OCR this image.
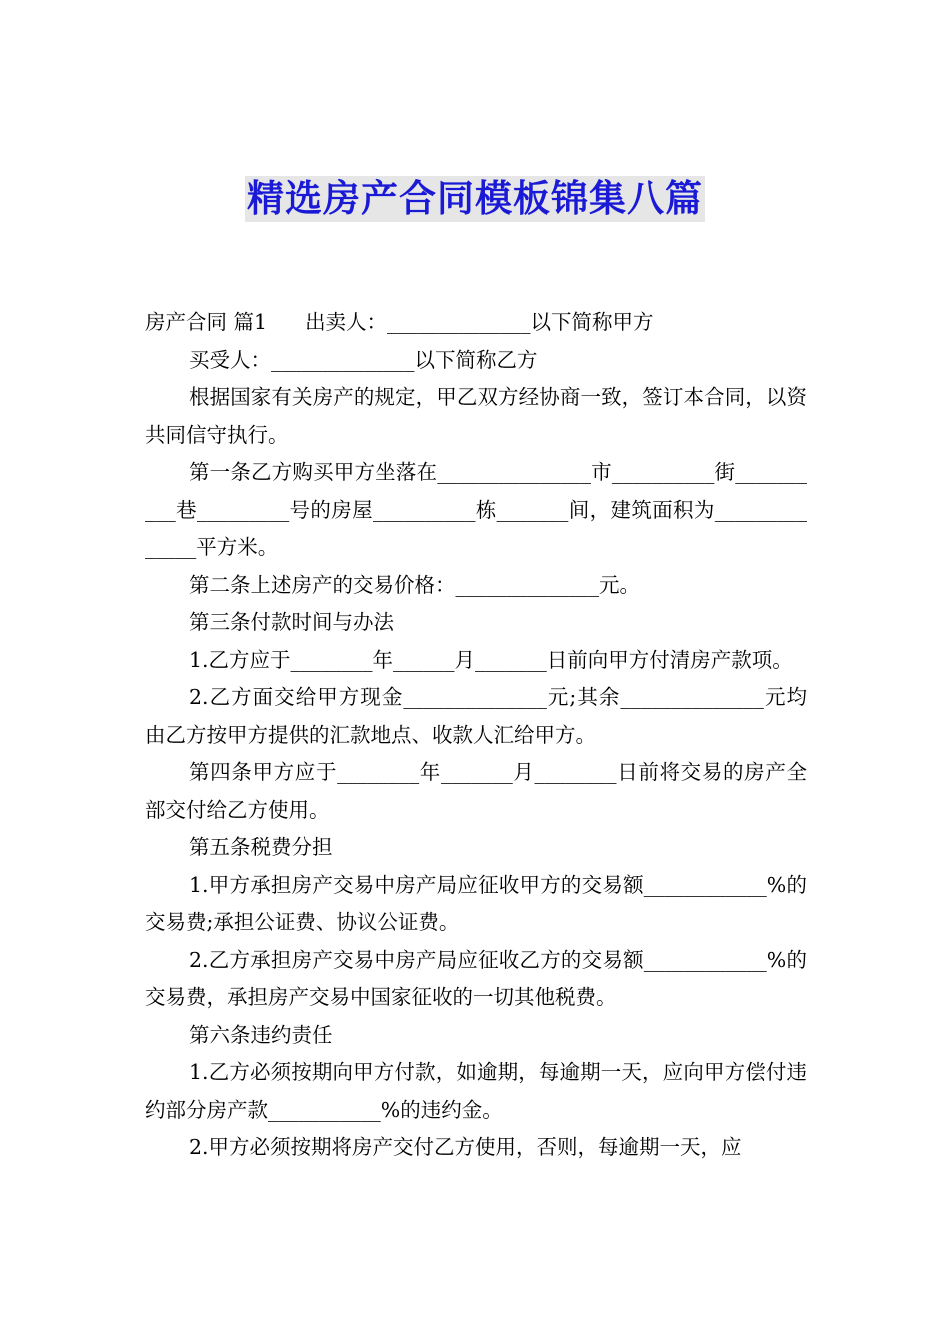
精选房产合同模板锦集八篇

房产合同 篇1 出卖人：______________以下简称甲方

买受人：______________以下简称乙方

根据国家有关房产的规定，甲乙双方经协商一致，签订本合同，以资共同信守执行。

第一条乙方购买甲方坐落在_______________市__________街__________巷_________号的房屋__________栋_______间，建筑面积为______________平方米。

第二条上述房产的交易价格：______________元。

第三条付款时间与办法

1.乙方应于________年______月_______日前向甲方付清房产款项。

2.乙方面交给甲方现金______________元;其余______________元均由乙方按甲方提供的汇款地点、收款人汇给甲方。

第四条甲方应于________年_______月________日前将交易的房产全部交付给乙方使用。

第五条税费分担

1.甲方承担房产交易中房产局应征收甲方的交易额____________%的交易费;承担公证费、协议公证费。

2.乙方承担房产交易中房产局应征收乙方的交易额____________%的交易费，承担房产交易中国家征收的一切其他税费。

第六条违约责任

1.乙方必须按期向甲方付款，如逾期，每逾期一天，应向甲方偿付违约部分房产款___________%的违约金。

2.甲方必须按期将房产交付乙方使用，否则，每逾期一天，应
